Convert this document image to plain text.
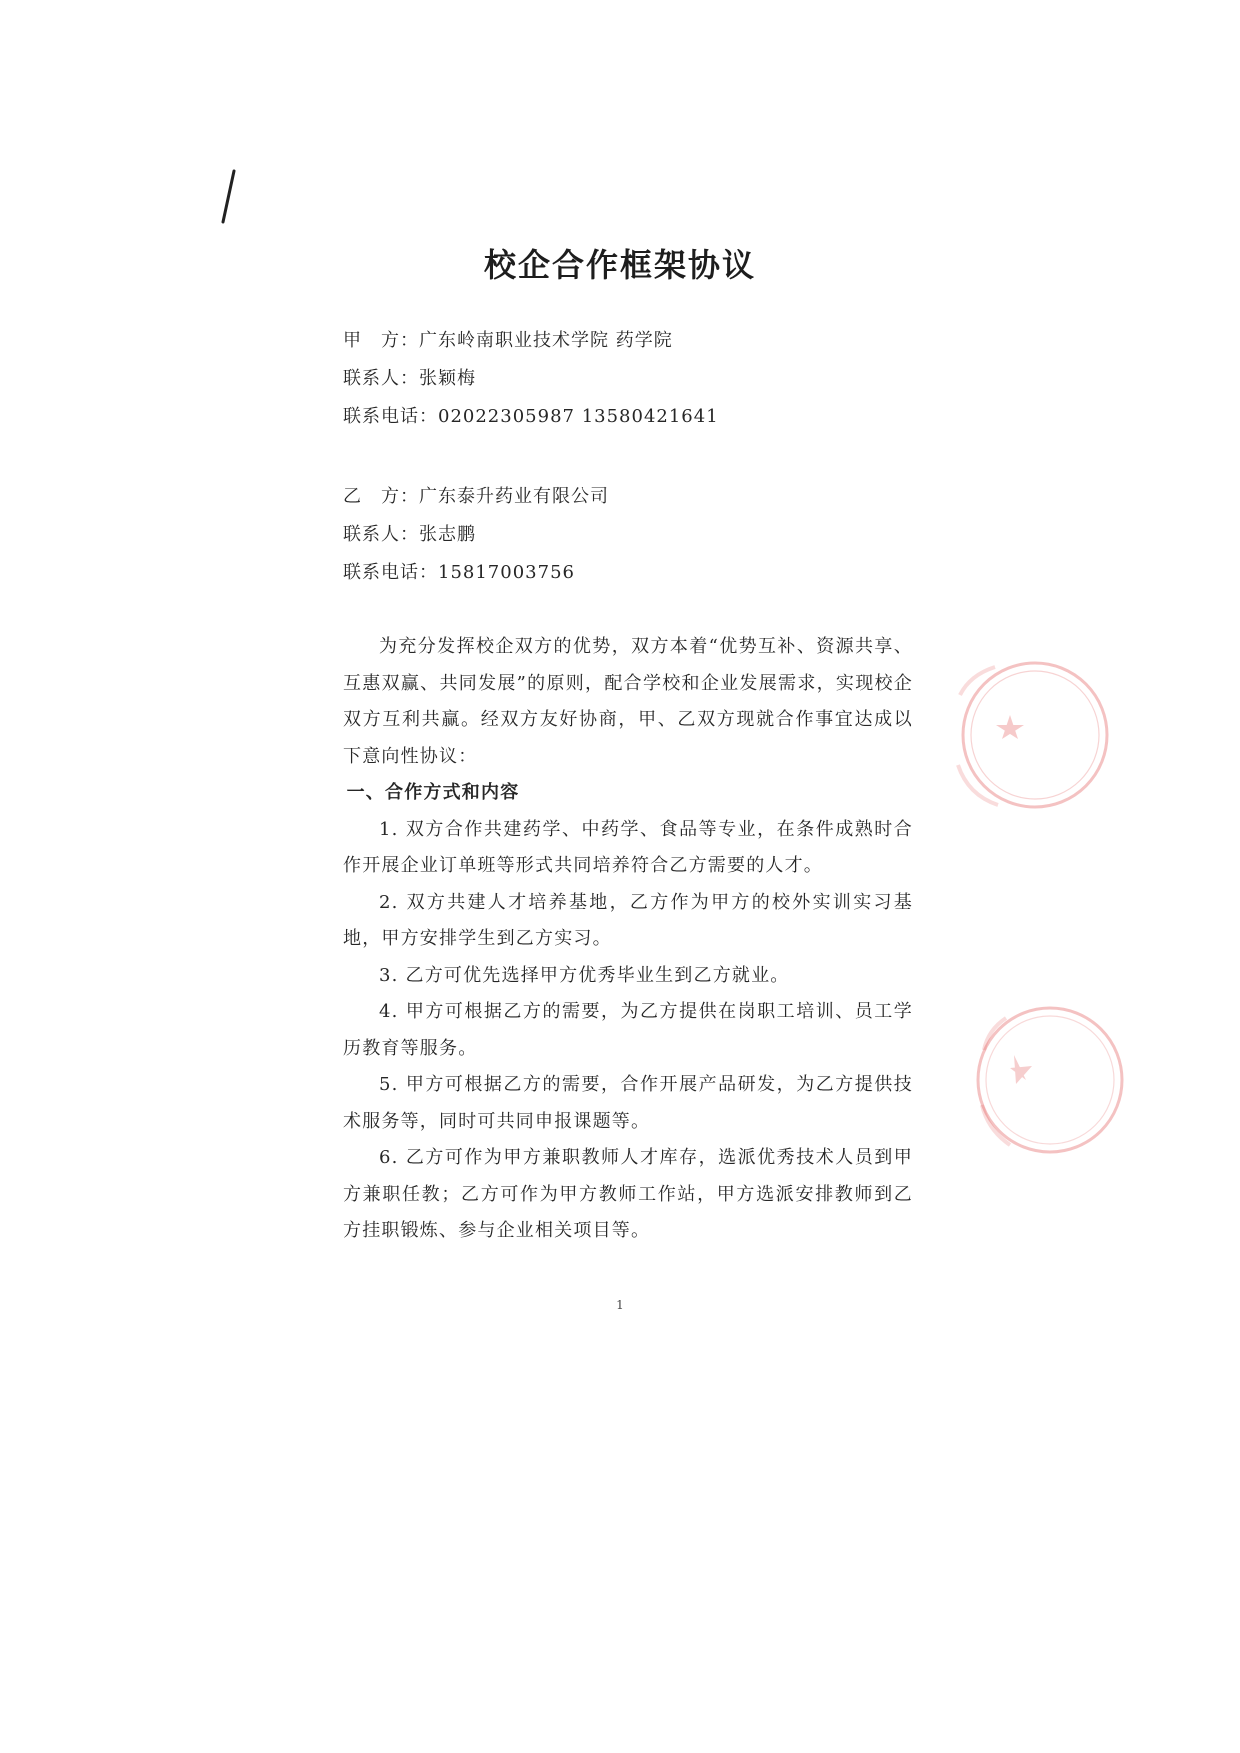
校企合作框架协议
甲　方：广东岭南职业技术学院 药学院
联系人：张颖梅
联系电话：02022305987 13580421641
乙　方：广东泰升药业有限公司
联系人：张志鹏
联系电话：15817003756

为充分发挥校企双方的优势，双方本着“优势互补、资源共享、互惠双赢、共同发展”的原则，配合学校和企业发展需求，实现校企双方互利共赢。经双方友好协商，甲、乙双方现就合作事宜达成以下意向性协议：

一、合作方式和内容

1. 双方合作共建药学、中药学、食品等专业，在条件成熟时合作开展企业订单班等形式共同培养符合乙方需要的人才。

2. 双方共建人才培养基地，乙方作为甲方的校外实训实习基地，甲方安排学生到乙方实习。

3. 乙方可优先选择甲方优秀毕业生到乙方就业。

4. 甲方可根据乙方的需要，为乙方提供在岗职工培训、员工学历教育等服务。

5. 甲方可根据乙方的需要，合作开展产品研发，为乙方提供技术服务等，同时可共同申报课题等。

6. 乙方可作为甲方兼职教师人才库存，选派优秀技术人员到甲方兼职任教；乙方可作为甲方教师工作站，甲方选派安排教师到乙方挂职锻炼、参与企业相关项目等。

1
